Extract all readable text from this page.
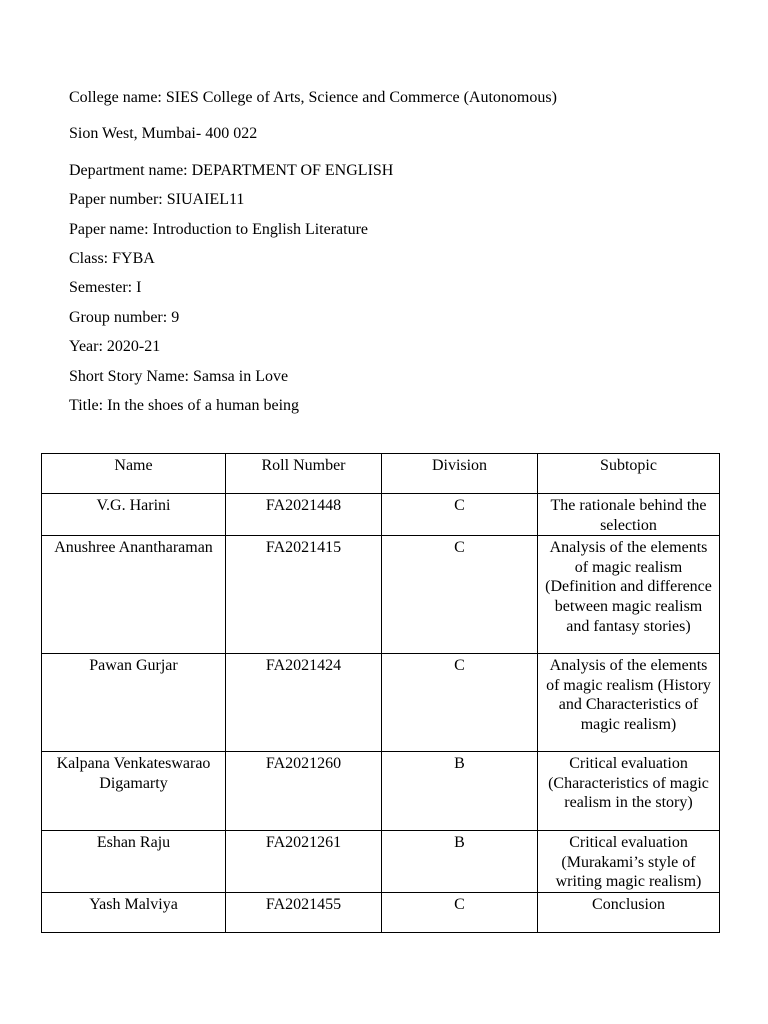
College name: SIES College of Arts, Science and Commerce (Autonomous)
Sion West, Mumbai- 400 022
Department name: DEPARTMENT OF ENGLISH
Paper number: SIUAIEL11
Paper name: Introduction to English Literature
Class: FYBA
Semester: I
Group number: 9
Year: 2020-21
Short Story Name: Samsa in Love
Title: In the shoes of a human being
Name	Roll Number	Division	Subtopic
V.G. Harini	FA2021448	C	The rationale behind the selection
Anushree Anantharaman	FA2021415	C	Analysis of the elements of magic realism (Definition and difference between magic realism and fantasy stories)
Pawan Gurjar	FA2021424	C	Analysis of the elements of magic realism (History and Characteristics of magic realism)
Kalpana Venkateswarao Digamarty	FA2021260	B	Critical evaluation (Characteristics of magic realism in the story)
Eshan Raju	FA2021261	B	Critical evaluation (Murakami’s style of writing magic realism)
Yash Malviya	FA2021455	C	Conclusion
